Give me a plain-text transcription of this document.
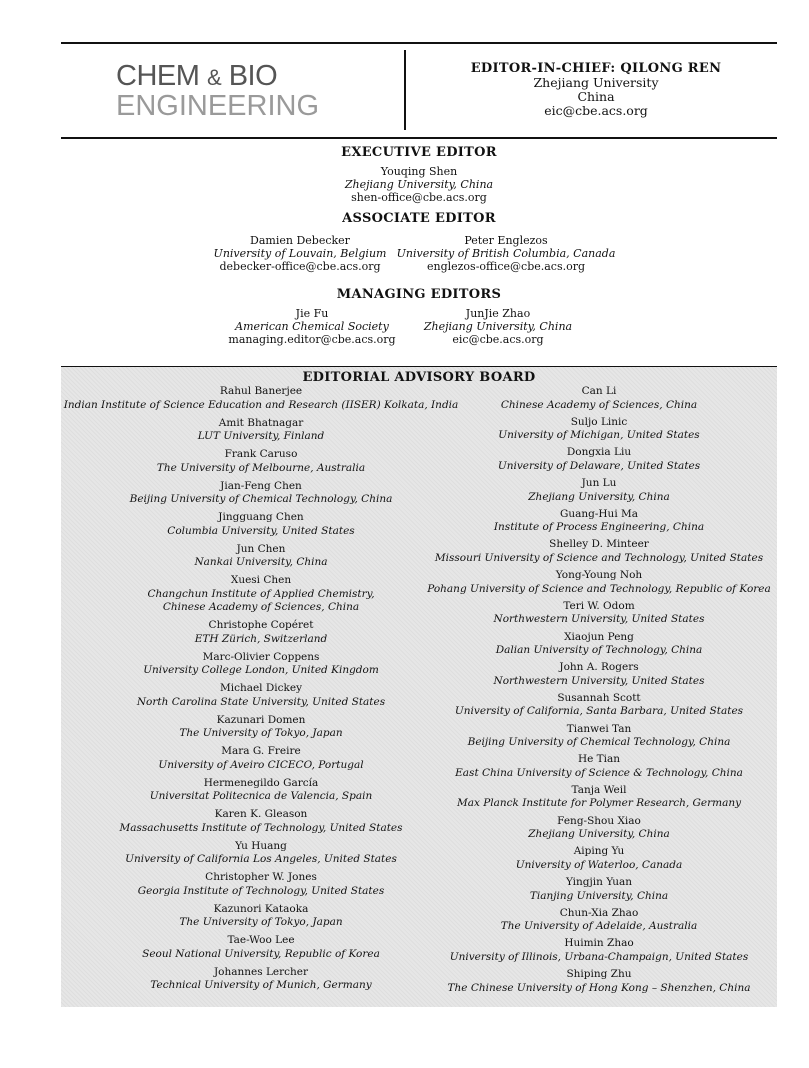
CHEM & BIO
ENGINEERING
EDITOR-IN-CHIEF: QILONG REN
Zhejiang University
China
eic@cbe.acs.org
EXECUTIVE EDITOR
Youqing Shen
Zhejiang University, China
shen-office@cbe.acs.org
ASSOCIATE EDITOR
Damien Debecker
University of Louvain, Belgium
debecker-office@cbe.acs.org
Peter Englezos
University of British Columbia, Canada
englezos-office@cbe.acs.org
MANAGING EDITORS
Jie Fu
American Chemical Society
managing.editor@cbe.acs.org
JunJie Zhao
Zhejiang University, China
eic@cbe.acs.org
EDITORIAL ADVISORY BOARD
Rahul Banerjee
Indian Institute of Science Education and Research (IISER) Kolkata, India
Amit Bhatnagar
LUT University, Finland
Frank Caruso
The University of Melbourne, Australia
Jian-Feng Chen
Beijing University of Chemical Technology, China
Jingguang Chen
Columbia University, United States
Jun Chen
Nankai University, China
Xuesi Chen
Changchun Institute of Applied Chemistry,
Chinese Academy of Sciences, China
Christophe Copéret
ETH Zürich, Switzerland
Marc-Olivier Coppens
University College London, United Kingdom
Michael Dickey
North Carolina State University, United States
Kazunari Domen
The University of Tokyo, Japan
Mara G. Freire
University of Aveiro CICECO, Portugal
Hermenegildo García
Universitat Politecnica de Valencia, Spain
Karen K. Gleason
Massachusetts Institute of Technology, United States
Yu Huang
University of California Los Angeles, United States
Christopher W. Jones
Georgia Institute of Technology, United States
Kazunori Kataoka
The University of Tokyo, Japan
Tae-Woo Lee
Seoul National University, Republic of Korea
Johannes Lercher
Technical University of Munich, Germany
Can Li
Chinese Academy of Sciences, China
Suljo Linic
University of Michigan, United States
Dongxia Liu
University of Delaware, United States
Jun Lu
Zhejiang University, China
Guang-Hui Ma
Institute of Process Engineering, China
Shelley D. Minteer
Missouri University of Science and Technology, United States
Yong-Young Noh
Pohang University of Science and Technology, Republic of Korea
Teri W. Odom
Northwestern University, United States
Xiaojun Peng
Dalian University of Technology, China
John A. Rogers
Northwestern University, United States
Susannah Scott
University of California, Santa Barbara, United States
Tianwei Tan
Beijing University of Chemical Technology, China
He Tian
East China University of Science & Technology, China
Tanja Weil
Max Planck Institute for Polymer Research, Germany
Feng-Shou Xiao
Zhejiang University, China
Aiping Yu
University of Waterloo, Canada
Yingjin Yuan
Tianjing University, China
Chun-Xia Zhao
The University of Adelaide, Australia
Huimin Zhao
University of Illinois, Urbana-Champaign, United States
Shiping Zhu
The Chinese University of Hong Kong – Shenzhen, China
